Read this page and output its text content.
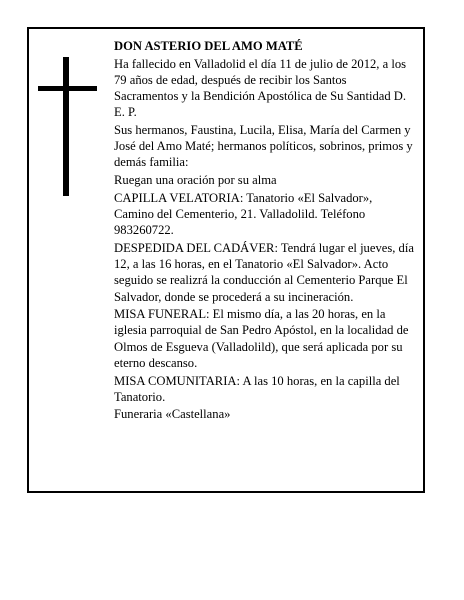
DON ASTERIO DEL AMO MATÉ

Ha fallecido en Valladolid el día 11 de julio de 2012, a los 79 años de edad, después de recibir los Santos Sacramentos y la Bendición Apostólica de Su Santidad D. E. P.

Sus hermanos, Faustina, Lucila, Elisa, María del Carmen y José del Amo Maté; hermanos políticos, sobrinos, primos y demás familia:

Ruegan una oración por su alma

CAPILLA VELATORIA: Tanatorio «El Salvador», Camino del Cementerio, 21. Valladolild. Teléfono 983260722.

DESPEDIDA DEL CADÁVER: Tendrá lugar el jueves, día 12, a las 16 horas, en el Tanatorio «El Salvador». Acto seguido se realizrá la conducción al Cementerio Parque El Salvador, donde se procederá a su incineración.

MISA FUNERAL: El mismo día, a las 20 horas, en la iglesia parroquial de San Pedro Apóstol, en la localidad de Olmos de Esgueva (Valladolild), que será aplicada por su eterno descanso.

MISA COMUNITARIA: A las 10 horas, en la capilla del Tanatorio.

Funeraria «Castellana»
